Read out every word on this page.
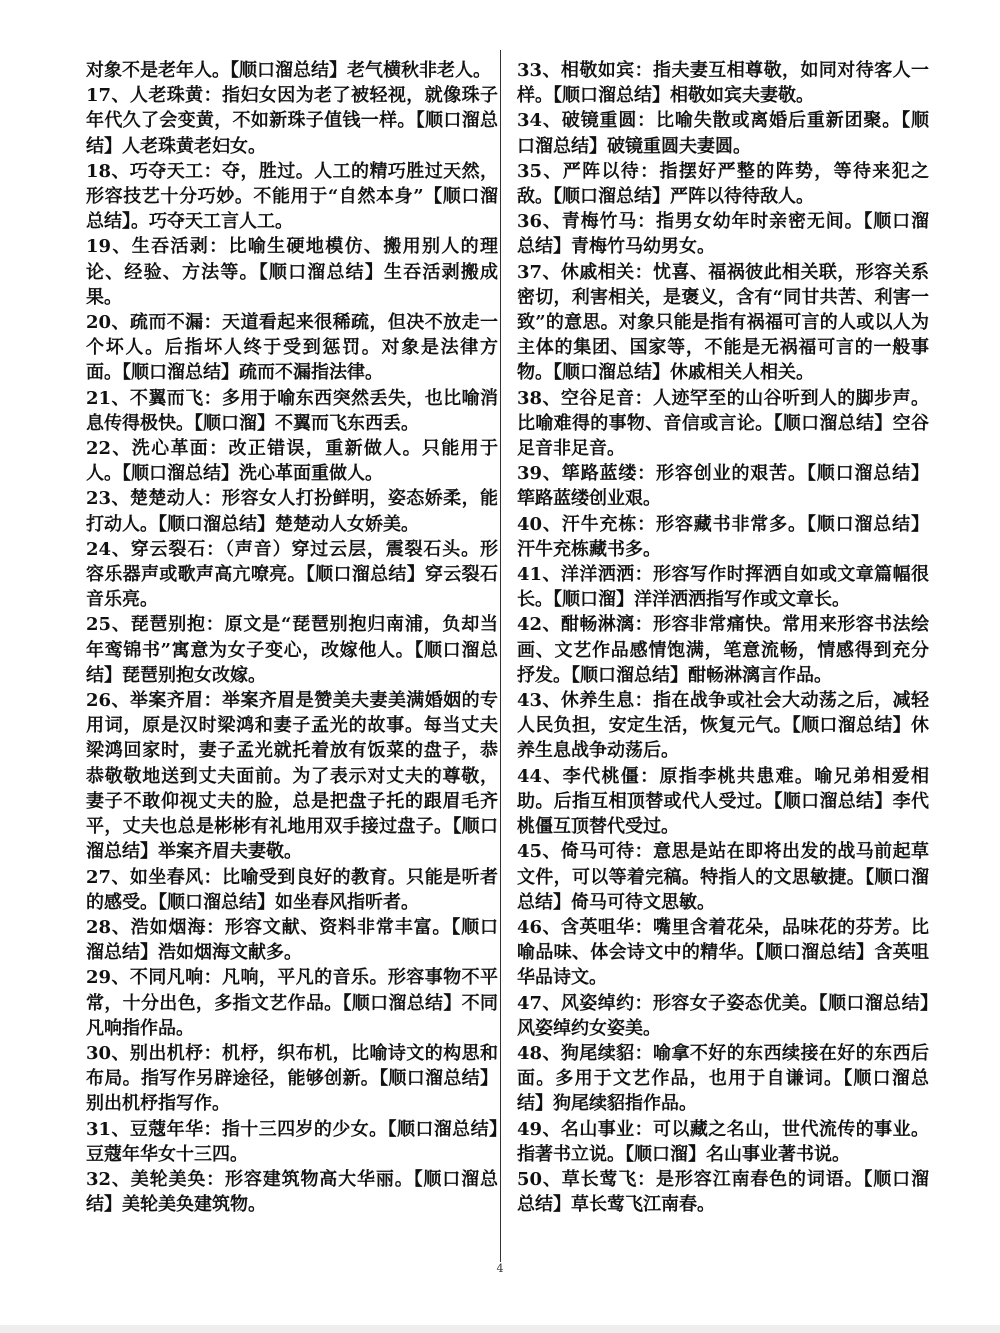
对象不是老年人。【顺口溜总结】老气横秋非老人。

17、人老珠黄：指妇女因为老了被轻视，就像珠子年代久了会变黄，不如新珠子值钱一样。【顺口溜总结】人老珠黄老妇女。

18、巧夺天工：夺，胜过。人工的精巧胜过天然，形容技艺十分巧妙。不能用于“自然本身”【顺口溜总结】。巧夺天工言人工。

19、生吞活剥：比喻生硬地模仿、搬用别人的理论、经验、方法等。【顺口溜总结】生吞活剥搬成果。

20、疏而不漏：天道看起来很稀疏，但决不放走一个坏人。后指坏人终于受到惩罚。对象是法律方面。【顺口溜总结】疏而不漏指法律。

21、不翼而飞：多用于喻东西突然丢失，也比喻消息传得极快。【顺口溜】不翼而飞东西丢。

22、洗心革面：改正错误，重新做人。只能用于人。【顺口溜总结】洗心革面重做人。

23、楚楚动人：形容女人打扮鲜明，姿态娇柔，能打动人。【顺口溜总结】楚楚动人女娇美。

24、穿云裂石：（声音）穿过云层，震裂石头。形容乐器声或歌声高亢嘹亮。【顺口溜总结】穿云裂石音乐亮。

25、琵琶别抱：原文是“琵琶别抱归南浦，负却当年鸾锦书”寓意为女子变心，改嫁他人。【顺口溜总结】琵琶别抱女改嫁。

26、举案齐眉：举案齐眉是赞美夫妻美满婚姻的专用词，原是汉时梁鸿和妻子孟光的故事。每当丈夫梁鸿回家时，妻子孟光就托着放有饭菜的盘子，恭恭敬敬地送到丈夫面前。为了表示对丈夫的尊敬，妻子不敢仰视丈夫的脸，总是把盘子托的跟眉毛齐平，丈夫也总是彬彬有礼地用双手接过盘子。【顺口溜总结】举案齐眉夫妻敬。

27、如坐春风：比喻受到良好的教育。只能是听者的感受。【顺口溜总结】如坐春风指听者。

28、浩如烟海：形容文献、资料非常丰富。【顺口溜总结】浩如烟海文献多。

29、不同凡响：凡响，平凡的音乐。形容事物不平常，十分出色，多指文艺作品。【顺口溜总结】不同凡响指作品。

30、别出机杼：机杼，织布机，比喻诗文的构思和布局。指写作另辟途径，能够创新。【顺口溜总结】别出机杼指写作。

31、豆蔻年华：指十三四岁的少女。【顺口溜总结】豆蔻年华女十三四。

32、美轮美奂：形容建筑物高大华丽。【顺口溜总结】美轮美奂建筑物。

33、相敬如宾：指夫妻互相尊敬，如同对待客人一样。【顺口溜总结】相敬如宾夫妻敬。

34、破镜重圆：比喻失散或离婚后重新团聚。【顺口溜总结】破镜重圆夫妻圆。

35、严阵以待：指摆好严整的阵势，等待来犯之敌。【顺口溜总结】严阵以待待敌人。

36、青梅竹马：指男女幼年时亲密无间。【顺口溜总结】青梅竹马幼男女。

37、休戚相关：忧喜、福祸彼此相关联，形容关系密切，利害相关，是褒义，含有“同甘共苦、利害一致”的意思。对象只能是指有祸福可言的人或以人为主体的集团、国家等，不能是无祸福可言的一般事物。【顺口溜总结】休戚相关人相关。

38、空谷足音：人迹罕至的山谷听到人的脚步声。比喻难得的事物、音信或言论。【顺口溜总结】空谷足音非足音。

39、筚路蓝缕：形容创业的艰苦。【顺口溜总结】筚路蓝缕创业艰。

40、汗牛充栋：形容藏书非常多。【顺口溜总结】汗牛充栋藏书多。

41、洋洋洒洒：形容写作时挥洒自如或文章篇幅很长。【顺口溜】洋洋洒洒指写作或文章长。

42、酣畅淋漓：形容非常痛快。常用来形容书法绘画、文艺作品感情饱满，笔意流畅，情感得到充分抒发。【顺口溜总结】酣畅淋漓言作品。

43、休养生息：指在战争或社会大动荡之后，减轻人民负担，安定生活，恢复元气。【顺口溜总结】休养生息战争动荡后。

44、李代桃僵：原指李桃共患难。喻兄弟相爱相助。后指互相顶替或代人受过。【顺口溜总结】李代桃僵互顶替代受过。

45、倚马可待：意思是站在即将出发的战马前起草文件，可以等着完稿。特指人的文思敏捷。【顺口溜总结】倚马可待文思敏。

46、含英咀华：嘴里含着花朵，品味花的芬芳。比喻品味、体会诗文中的精华。【顺口溜总结】含英咀华品诗文。

47、风姿绰约：形容女子姿态优美。【顺口溜总结】风姿绰约女姿美。

48、狗尾续貂：喻拿不好的东西续接在好的东西后面。多用于文艺作品，也用于自谦词。【顺口溜总结】狗尾续貂指作品。

49、名山事业：可以藏之名山，世代流传的事业。指著书立说。【顺口溜】名山事业著书说。

50、草长莺飞：是形容江南春色的词语。【顺口溜总结】草长莺飞江南春。

4
